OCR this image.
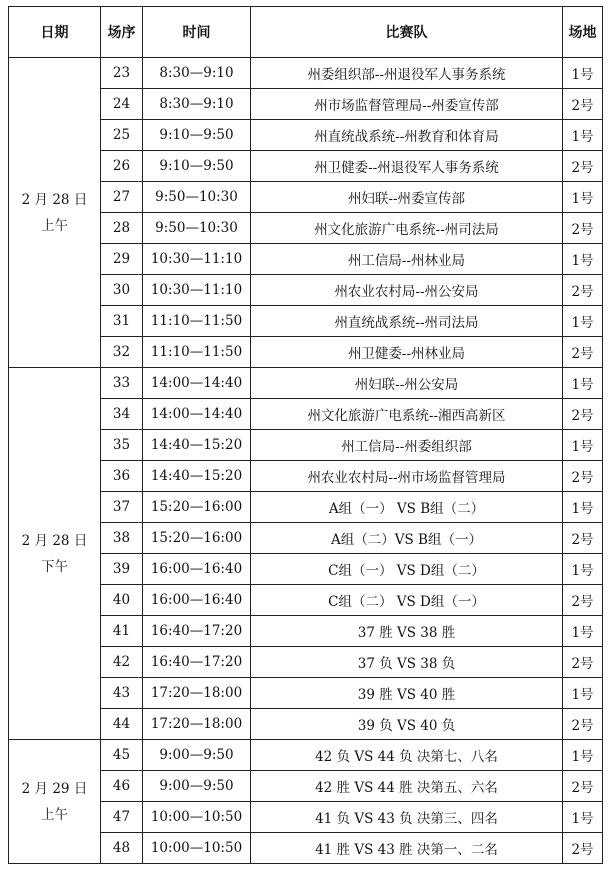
日期	场序	时间	比赛队	场地

2 月 28 日
上午	23	8:30—9:10	州委组织部--州退役军人事务系统	1号
	24	8:30—9:10	州市场监督管理局--州委宣传部	2号
	25	9:10—9:50	州直统战系统--州教育和体育局	1号
	26	9:10—9:50	州卫健委--州退役军人事务系统	2号
	27	9:50—10:30	州妇联--州委宣传部	1号
	28	9:50—10:30	州文化旅游广电系统--州司法局	2号
	29	10:30—11:10	州工信局--州林业局	1号
	30	10:30—11:10	州农业农村局--州公安局	2号
	31	11:10—11:50	州直统战系统--州司法局	1号
	32	11:10—11:50	州卫健委--州林业局	2号

2 月 28 日
下午	33	14:00—14:40	州妇联--州公安局	1号
	34	14:00—14:40	州文化旅游广电系统--湘西高新区	2号
	35	14:40—15:20	州工信局--州委组织部	1号
	36	14:40—15:20	州农业农村局--州市场监督管理局	2号
	37	15:20—16:00	A组（一） VS B组（二）	1号
	38	15:20—16:00	A组（二）VS B组（一）	2号
	39	16:00—16:40	C组（一） VS D组（二）	1号
	40	16:00—16:40	C组（二） VS D组（一）	2号
	41	16:40—17:20	37 胜 VS 38 胜	1号
	42	16:40—17:20	37 负 VS 38 负	2号
	43	17:20—18:00	39 胜 VS 40 胜	1号
	44	17:20—18:00	39 负 VS 40 负	2号

2 月 29 日
上午	45	9:00—9:50	42 负 VS 44 负 决第七、八名	1号
	46	9:00—9:50	42 胜 VS 44 胜 决第五、六名	2号
	47	10:00—10:50	41 负 VS 43 负 决第三、四名	1号
	48	10:00—10:50	41 胜 VS 43 胜 决第一、二名	2号
